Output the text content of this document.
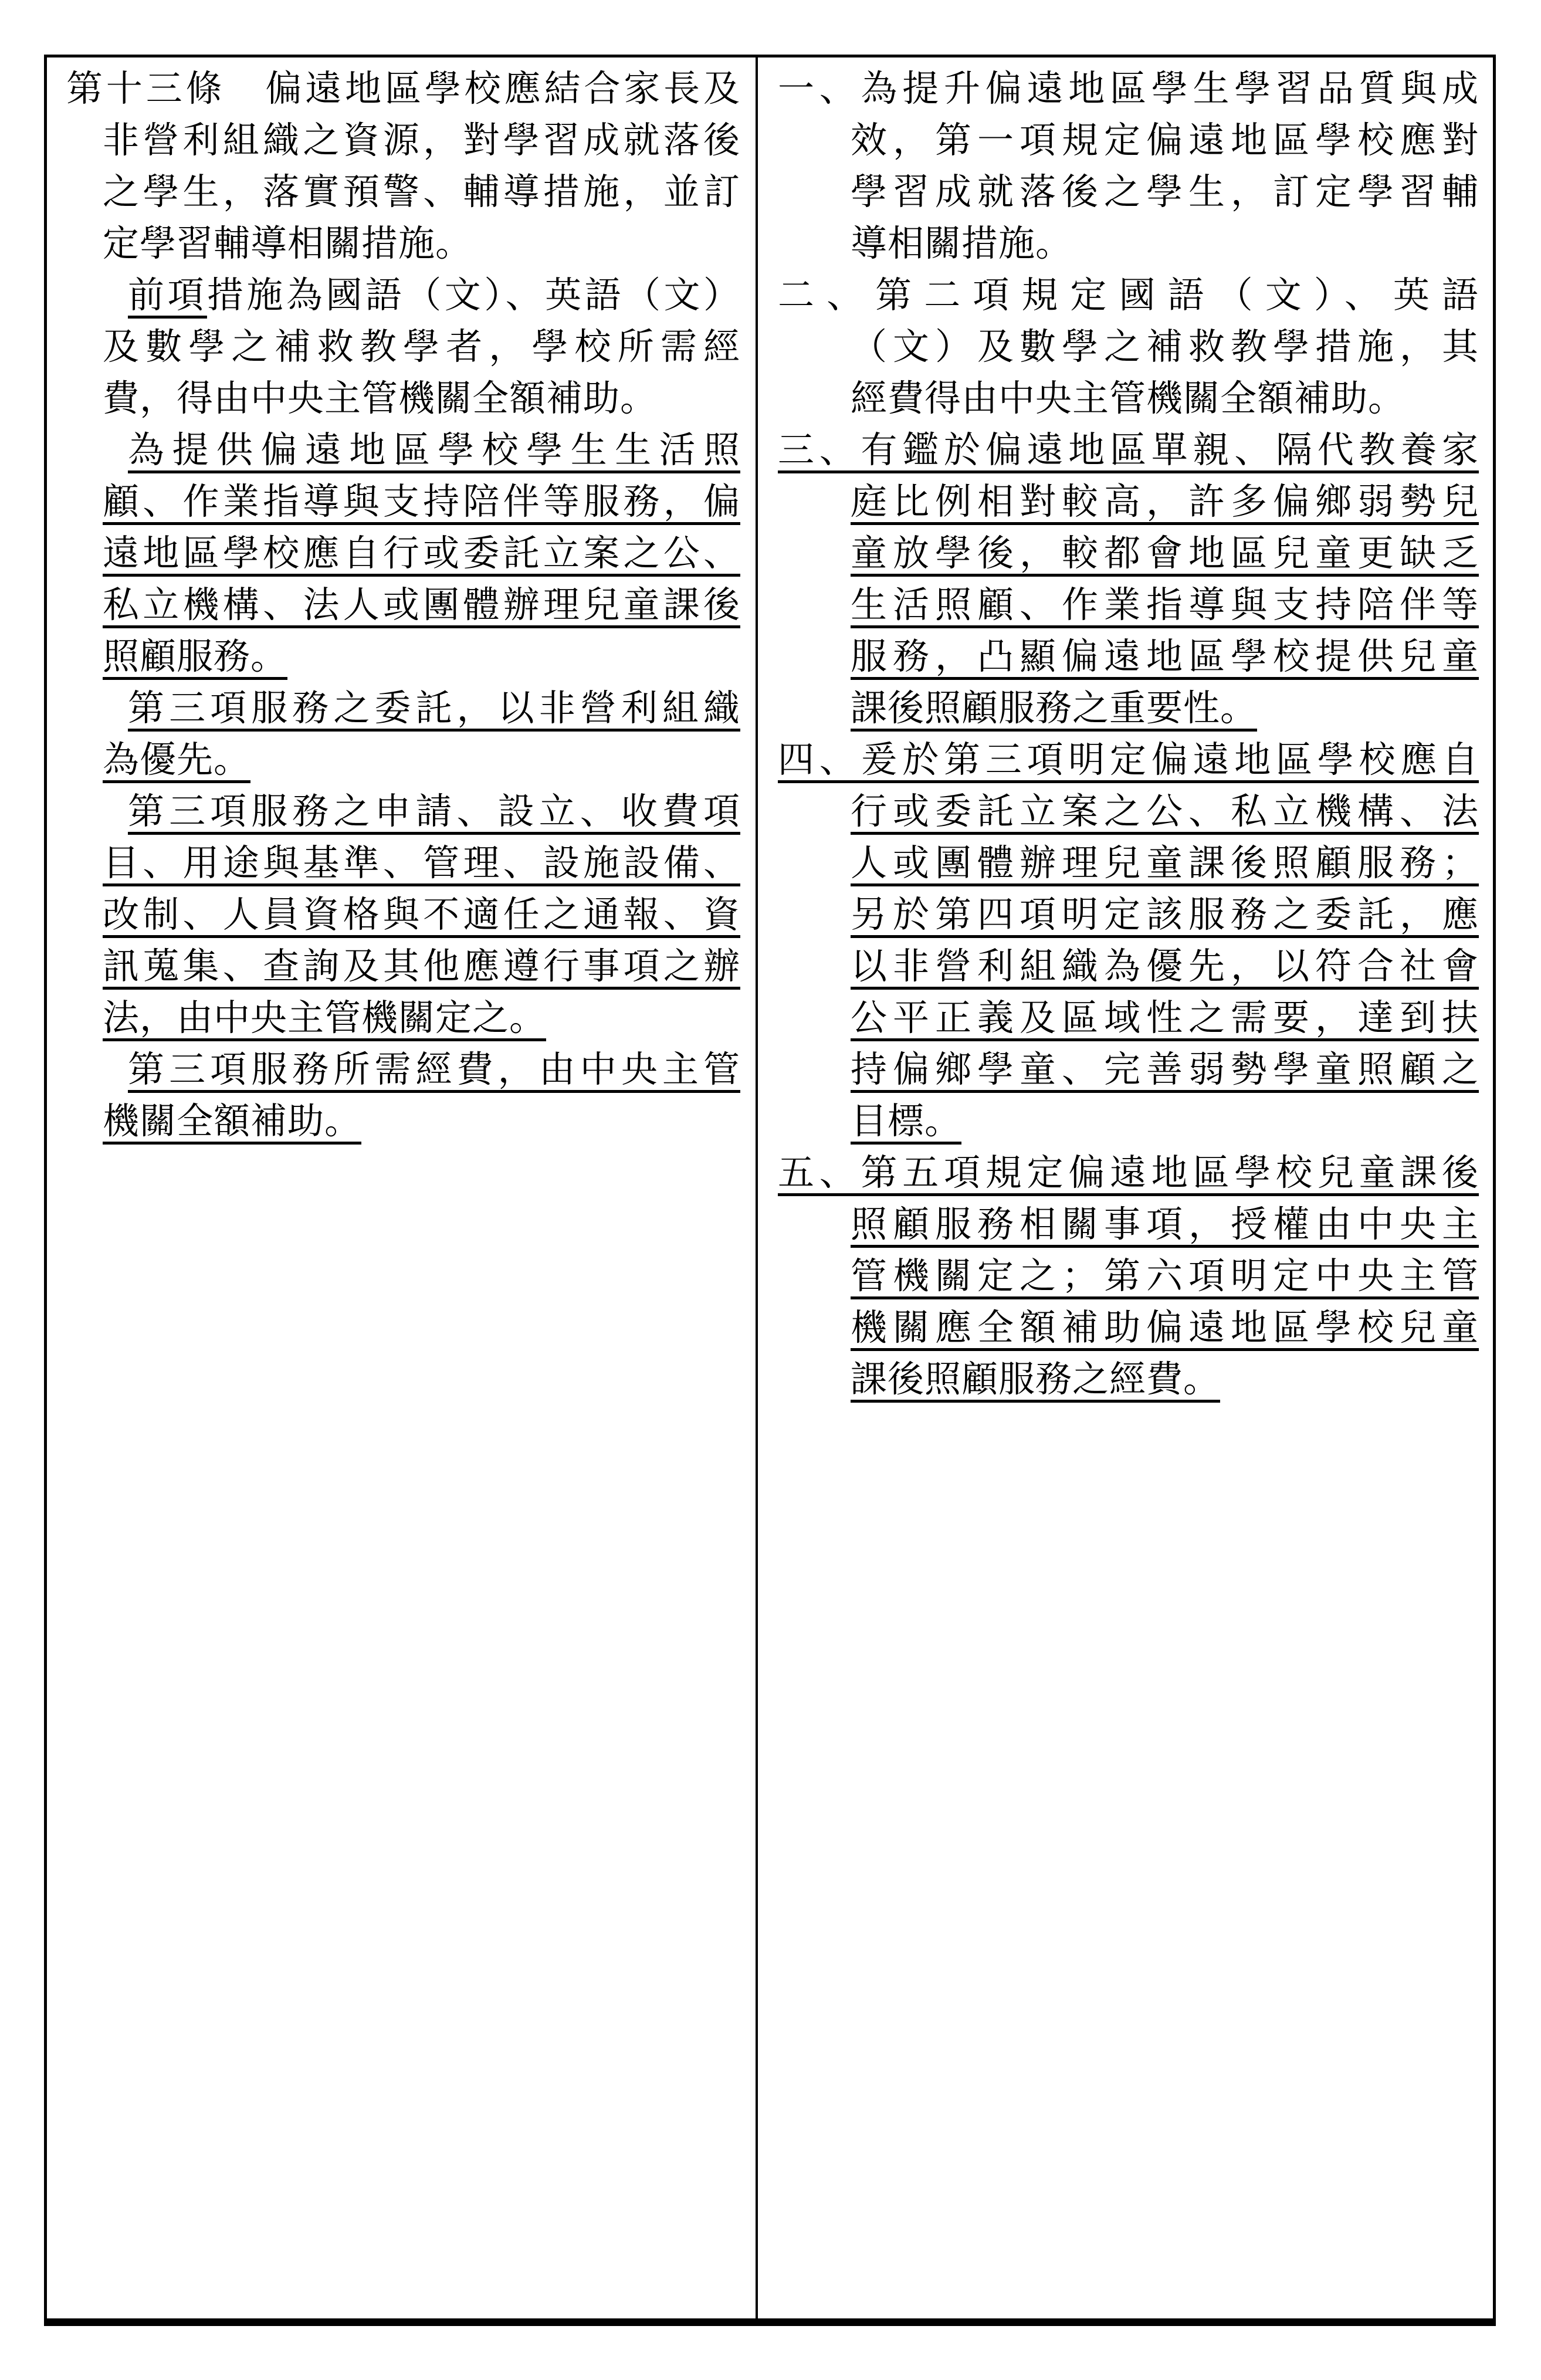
第十三條　偏遠地區學校應結合家長及
非營利組織之資源，對學習成就落後
之學生，落實預警、輔導措施，並訂
定學習輔導相關措施。
前項措施為國語（文）、英語（文）
及數學之補救教學者，學校所需經
費，得由中央主管機關全額補助。
為提供偏遠地區學校學生生活照
顧、作業指導與支持陪伴等服務，偏
遠地區學校應自行或委託立案之公、
私立機構、法人或團體辦理兒童課後
照顧服務。
第三項服務之委託，以非營利組織
為優先。
第三項服務之申請、設立、收費項
目、用途與基準、管理、設施設備、
改制、人員資格與不適任之通報、資
訊蒐集、查詢及其他應遵行事項之辦
法，由中央主管機關定之。
第三項服務所需經費，由中央主管
機關全額補助。
一、為提升偏遠地區學生學習品質與成
效，第一項規定偏遠地區學校應對
學習成就落後之學生，訂定學習輔
導相關措施。
二、第二項規定國語（文）、英語
（文）及數學之補救教學措施，其
經費得由中央主管機關全額補助。
三、有鑑於偏遠地區單親、隔代教養家
庭比例相對較高，許多偏鄉弱勢兒
童放學後，較都會地區兒童更缺乏
生活照顧、作業指導與支持陪伴等
服務，凸顯偏遠地區學校提供兒童
課後照顧服務之重要性。
四、爰於第三項明定偏遠地區學校應自
行或委託立案之公、私立機構、法
人或團體辦理兒童課後照顧服務；
另於第四項明定該服務之委託，應
以非營利組織為優先，以符合社會
公平正義及區域性之需要，達到扶
持偏鄉學童、完善弱勢學童照顧之
目標。
五、第五項規定偏遠地區學校兒童課後
照顧服務相關事項，授權由中央主
管機關定之；第六項明定中央主管
機關應全額補助偏遠地區學校兒童
課後照顧服務之經費。
